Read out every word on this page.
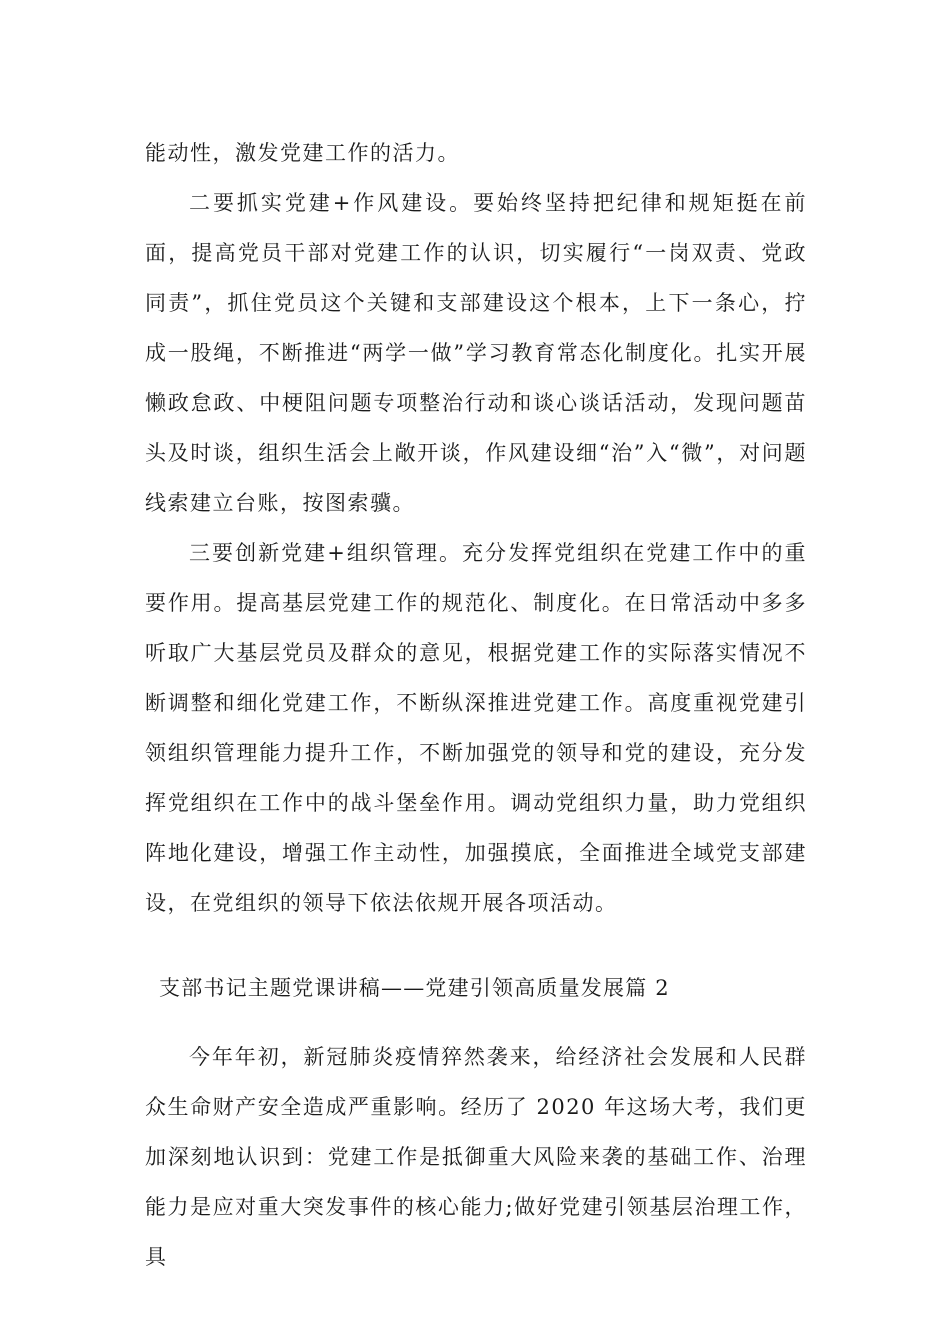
能动性，激发党建工作的活力。

二要抓实党建+作风建设。要始终坚持把纪律和规矩挺在前面，提高党员干部对党建工作的认识，切实履行“一岗双责、党政同责”，抓住党员这个关键和支部建设这个根本，上下一条心，拧成一股绳，不断推进“两学一做”学习教育常态化制度化。扎实开展懒政怠政、中梗阻问题专项整治行动和谈心谈话活动，发现问题苗头及时谈，组织生活会上敞开谈，作风建设细“治”入“微”，对问题线索建立台账，按图索骥。

三要创新党建+组织管理。充分发挥党组织在党建工作中的重要作用。提高基层党建工作的规范化、制度化。在日常活动中多多听取广大基层党员及群众的意见，根据党建工作的实际落实情况不断调整和细化党建工作，不断纵深推进党建工作。高度重视党建引领组织管理能力提升工作，不断加强党的领导和党的建设，充分发挥党组织在工作中的战斗堡垒作用。调动党组织力量，助力党组织阵地化建设，增强工作主动性，加强摸底，全面推进全域党支部建设，在党组织的领导下依法依规开展各项活动。

支部书记主题党课讲稿——党建引领高质量发展篇 2

今年年初，新冠肺炎疫情猝然袭来，给经济社会发展和人民群众生命财产安全造成严重影响。经历了 2020 年这场大考，我们更加深刻地认识到：党建工作是抵御重大风险来袭的基础工作、治理能力是应对重大突发事件的核心能力;做好党建引领基层治理工作，具
